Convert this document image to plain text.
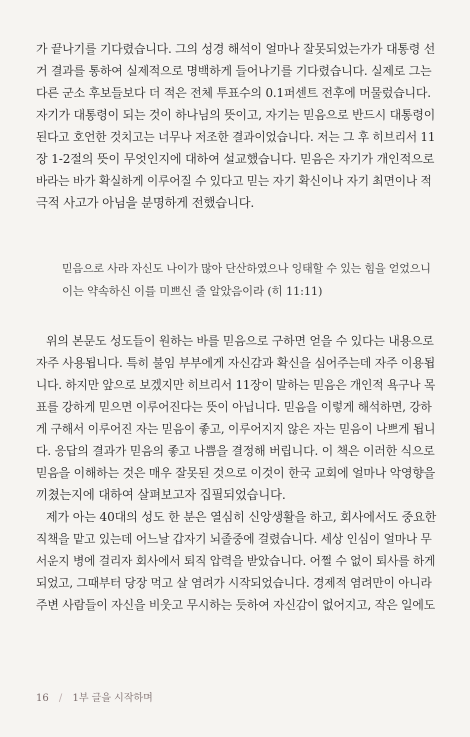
가 끝나기를 기다렸습니다. 그의 성경 해석이 얼마나 잘못되었는가가 대통령 선
거 결과를 통하여 실제적으로 명백하게 들어나기를 기다렸습니다. 실제로 그는
다른 군소 후보들보다 더 적은 전체 투표수의 0.1퍼센트 전후에 머물렀습니다.
자기가 대통령이 되는 것이 하나님의 뜻이고, 자기는 믿음으로 반드시 대통령이
된다고 호언한 것치고는 너무나 저조한 결과이었습니다. 저는 그 후 히브리서 11
장 1-2절의 뜻이 무엇인지에 대하여 설교했습니다. 믿음은 자기가 개인적으로
바라는 바가 확실하게 이루어질 수 있다고 믿는 자기 확신이나 자기 최면이나 적
극적 사고가 아님을 분명하게 전했습니다.
믿음으로 사라 자신도 나이가 많아 단산하였으나 잉태할 수 있는 힘을 얻었으니
이는 약속하신 이를 미쁘신 줄 알았음이라 (히 11:11)
위의 본문도 성도들이 원하는 바를 믿음으로 구하면 얻을 수 있다는 내용으로
자주 사용됩니다. 특히 불임 부부에게 자신감과 확신을 심어주는데 자주 이용됩
니다. 하지만 앞으로 보겠지만 히브리서 11장이 말하는 믿음은 개인적 욕구나 목
표를 강하게 믿으면 이루어진다는 뜻이 아닙니다. 믿음을 이렇게 해석하면, 강하
게 구해서 이루어진 자는 믿음이 좋고, 이루어지지 않은 자는 믿음이 나쁘게 됩니
다. 응답의 결과가 믿음의 좋고 나쁨을 결정해 버립니다. 이 책은 이러한 식으로
믿음을 이해하는 것은 매우 잘못된 것으로 이것이 한국 교회에 얼마나 악영향을
끼쳤는지에 대하여 살펴보고자 집필되었습니다.
제가 아는 40대의 성도 한 분은 열심히 신앙생활을 하고, 회사에서도 중요한
직책을 맡고 있는데 어느날 갑자기 뇌졸중에 걸렸습니다. 세상 인심이 얼마나 무
서운지 병에 걸리자 회사에서 퇴직 압력을 받았습니다. 어쩔 수 없이 퇴사를 하게
되었고, 그때부터 당장 먹고 살 염려가 시작되었습니다. 경제적 염려만이 아니라
주변 사람들이 자신을 비웃고 무시하는 듯하여 자신감이 없어지고, 작은 일에도
16 / 1부 글을 시작하며
